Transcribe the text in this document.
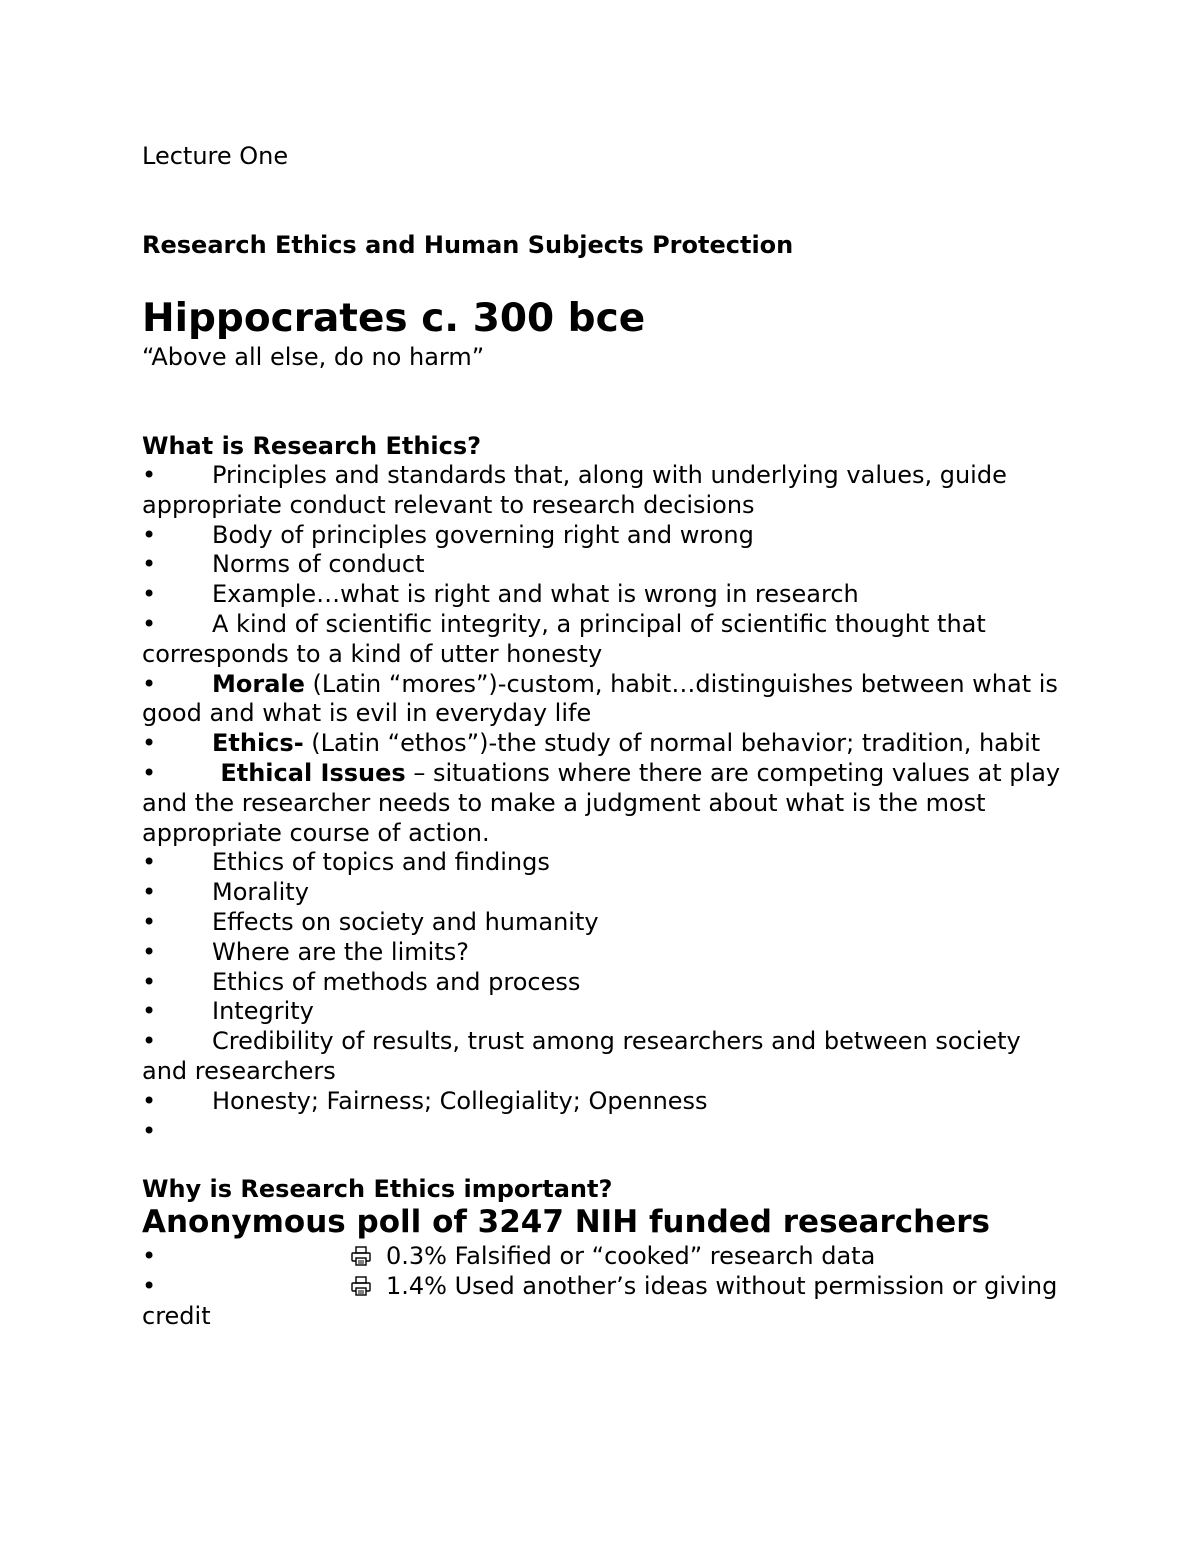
Lecture One
Research Ethics and Human Subjects Protection
Hippocrates c. 300 bce
“Above all else, do no harm”
What is Research Ethics?
• Principles and standards that, along with underlying values, guide appropriate conduct relevant to research decisions
• Body of principles governing right and wrong
• Norms of conduct
• Example…what is right and what is wrong in research
• A kind of scientific integrity, a principal of scientific thought that corresponds to a kind of utter honesty
• Morale (Latin “mores”)-custom, habit…distinguishes between what is good and what is evil in everyday life
• Ethics- (Latin “ethos”)-the study of normal behavior; tradition, habit
• Ethical Issues – situations where there are competing values at play and the researcher needs to make a judgment about what is the most appropriate course of action.
• Ethics of topics and findings
• Morality
• Effects on society and humanity
• Where are the limits?
• Ethics of methods and process
• Integrity
• Credibility of results, trust among researchers and between society and researchers
• Honesty; Fairness; Collegiality; Openness
•
Why is Research Ethics important?
Anonymous poll of 3247 NIH funded researchers
•	0.3% Falsified or “cooked” research data
•	1.4% Used another’s ideas without permission or giving credit
